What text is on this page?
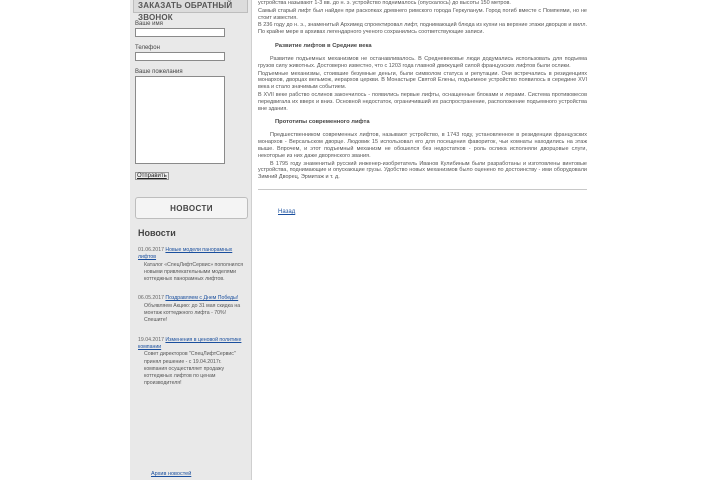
ЗАКАЗАТЬ ОБРАТНЫЙ ЗВОНОК
Ваше имя
Телефон
Ваше пожелания
Отправить НОВОСТИ
Новости
01.06.2017 Новые модели панорамных лифтов
Каталог «СпецЛифтСервис» пополнился новыми привлекательными моделями коттеджных панорамных лифтов.
06.05.2017 Поздравляем с Днем Победы!
Объявляем Акцию: до 31 мая скидка на монтаж коттеджного лифта - 70%! Спешите!
19.04.2017 Изменения в ценовой политике компании
Совет директоров "СпецЛифтСервис" принял решение - с 19.04.2017г. компания осуществляет продажу коттеджных лифтов по ценам производителя!
Архив новостей

устройства называют 1-3 вв. до н. э. устройство поднималось (опускалось) до высоты 150 метров.

Самый старый лифт был найден при раскопках древнего римского города Геркуланум. Город погиб вместе с Помпеями, но не стоит известия.

В 236 году до н. э., знаменитый Архимед спроектировал лифт, поднимающий блюда из кухни на верхние этажи дворцов и вилл. По крайне мере в архивах легендарного ученого сохранились соответствующие записи.

Развитие лифтов в Средние века

Развитие подъемных механизмов не останавливалось. В Средневековье люди додумались использовать для подъема грузов силу животных. Достоверно известно, что с 1203 года главной движущей силой французских лифтов были ослики.

Подъемные механизмы, стоившие безумные деньги, были символом статуса и репутации. Они встречались в резиденциях монархов, дворцах вельмож, иерархов церкви. В Монастыре Святой Елены, подъемное устройство появилось в середине XVI века и стало значимым событием.

В XVII веке рабство ослинов закончилось - появились первые лифты, оснащенные блоками и лерами. Система противовесов передвигала их вверх и вниз. Основной недостаток, ограничивший их распространение, расположение подъемного устройства вне здания.

Прототипы современного лифта

Предшественником современных лифтов, называют устройство, в 1743 году, установленное в резиденции французских монархов - Версальском дворце. Людовик 15 использовал его для посещения фавориток, чьи комнаты находились на этаж выше. Впрочем, и этот подъемный механизм не обошелся без недостатков - роль ослика исполняли дворцовые слуги, некоторые из них даже дворянского звания.

В 1795 году знаменитый русский инженер-изобретатель Иванов Кулибиным были разработаны и изготовлены винтовые устройства, поднимающие и опускающие грузы. Удобство новых механизмов было оценено по достоинству - ими оборудовали Зимний Дворец, Эрмитаж и т. д.

Назад
